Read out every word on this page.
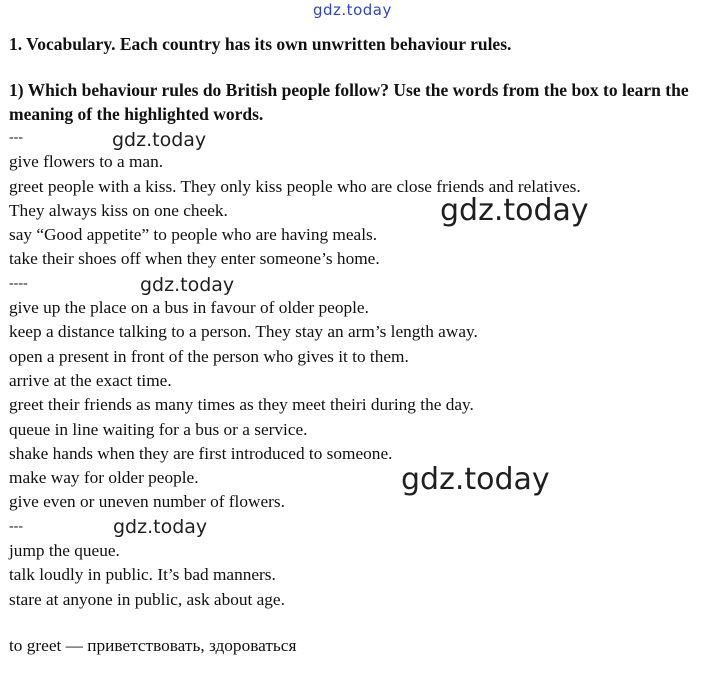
gdz.today

1. Vocabulary. Each country has its own unwritten behaviour rules.

1) Which behaviour rules do British people follow? Use the words from the box to learn the meaning of the highlighted words.

---

give flowers to a man.

greet people with a kiss. They only kiss people who are close friends and relatives.

They always kiss on one cheek.

say “Good appetite” to people who are having meals.

take their shoes off when they enter someone’s home.

----

give up the place on a bus in favour of older people.

keep a distance talking to a person. They stay an arm’s length away.

open a present in front of the person who gives it to them.

arrive at the exact time.

greet their friends as many times as they meet theiri during the day.

queue in line waiting for a bus or a service.

shake hands when they are first introduced to someone.

make way for older people.

give even or uneven number of flowers.

---

jump the queue.

talk loudly in public. It’s bad manners.

stare at anyone in public, ask about age.

to greet — приветствовать, здороваться

gdz.today
gdz.today
gdz.today
gdz.today
gdz.today
